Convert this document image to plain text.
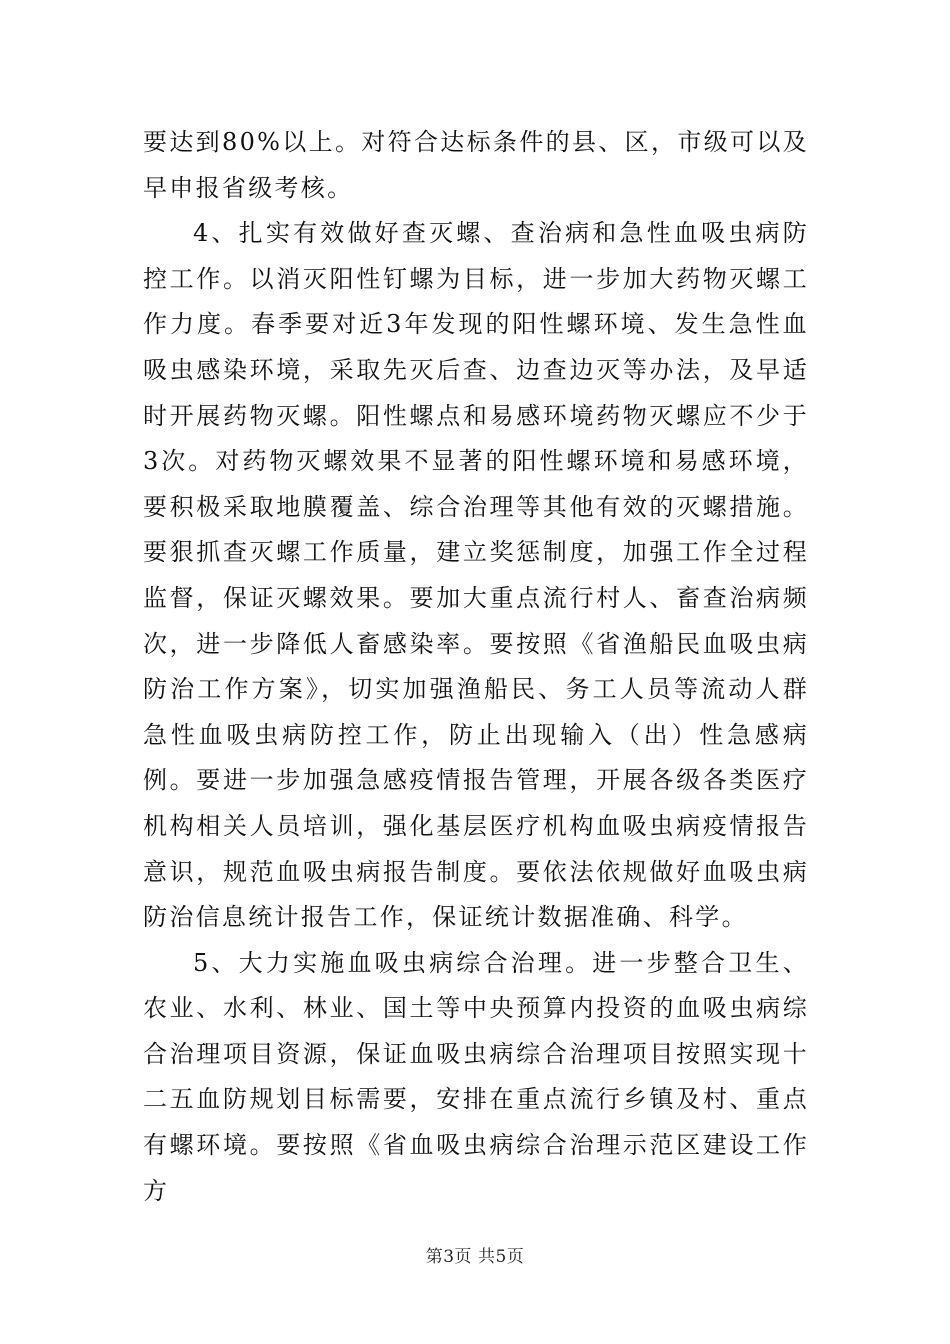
要达到80%以上。对符合达标条件的县、区，市级可以及早申报省级考核。

4、扎实有效做好查灭螺、查治病和急性血吸虫病防控工作。以消灭阳性钉螺为目标，进一步加大药物灭螺工作力度。春季要对近3年发现的阳性螺环境、发生急性血吸虫感染环境，采取先灭后查、边查边灭等办法，及早适时开展药物灭螺。阳性螺点和易感环境药物灭螺应不少于3次。对药物灭螺效果不显著的阳性螺环境和易感环境，要积极采取地膜覆盖、综合治理等其他有效的灭螺措施。要狠抓查灭螺工作质量，建立奖惩制度，加强工作全过程监督，保证灭螺效果。要加大重点流行村人、畜查治病频次，进一步降低人畜感染率。要按照《省渔船民血吸虫病防治工作方案》，切实加强渔船民、务工人员等流动人群急性血吸虫病防控工作，防止出现输入（出）性急感病例。要进一步加强急感疫情报告管理，开展各级各类医疗机构相关人员培训，强化基层医疗机构血吸虫病疫情报告意识，规范血吸虫病报告制度。要依法依规做好血吸虫病防治信息统计报告工作，保证统计数据准确、科学。

5、大力实施血吸虫病综合治理。进一步整合卫生、农业、水利、林业、国土等中央预算内投资的血吸虫病综合治理项目资源，保证血吸虫病综合治理项目按照实现十二五血防规划目标需要，安排在重点流行乡镇及村、重点有螺环境。要按照《省血吸虫病综合治理示范区建设工作方

第3页 共5页
